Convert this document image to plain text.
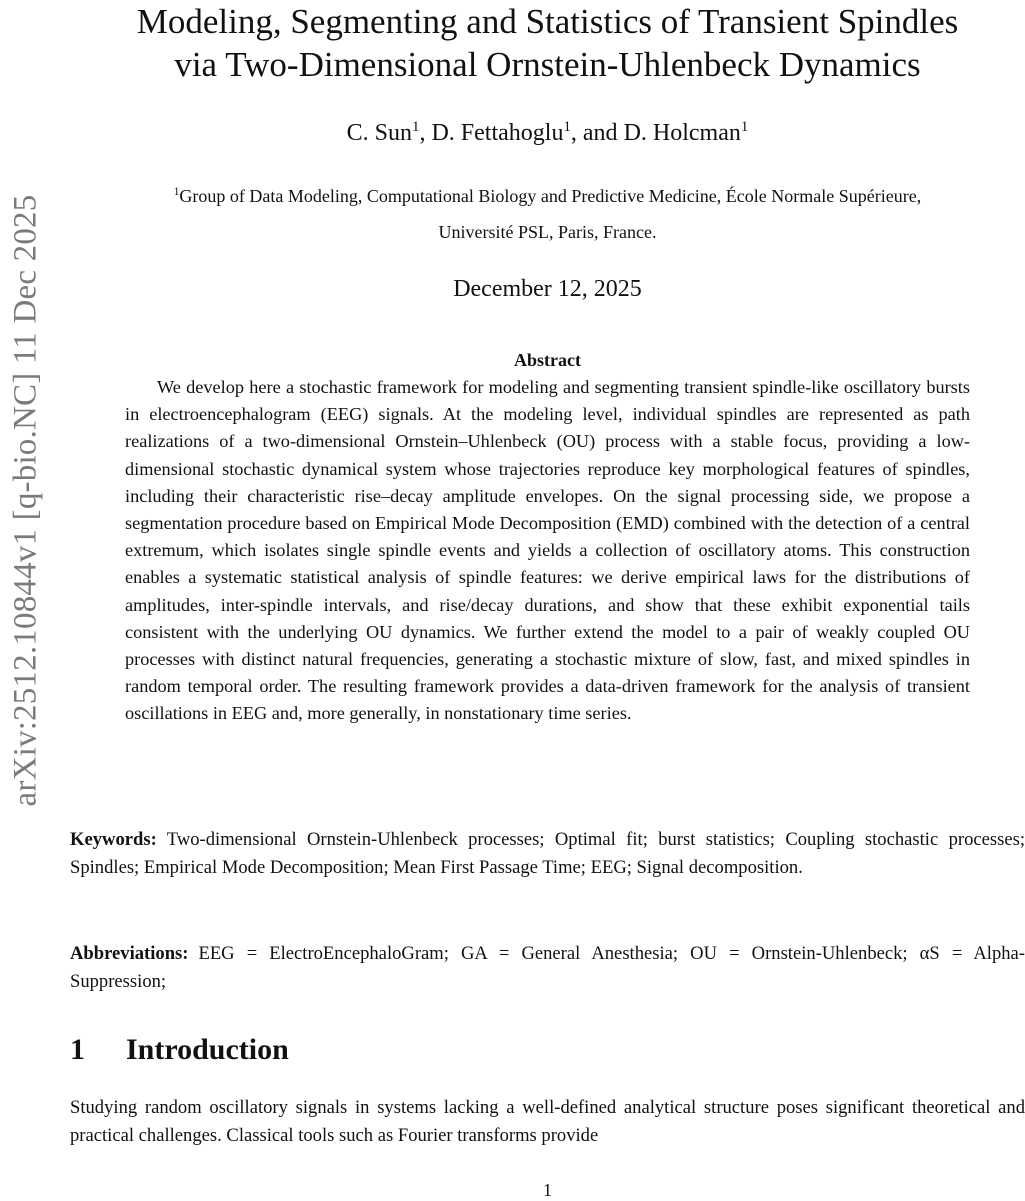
arXiv:2512.10844v1 [q-bio.NC] 11 Dec 2025
Modeling, Segmenting and Statistics of Transient Spindles
via Two-Dimensional Ornstein-Uhlenbeck Dynamics
C. Sun$^1$, D. Fettahoglu$^1$, and D. Holcman$^1$
$^1$Group of Data Modeling, Computational Biology and Predictive Medicine, École Normale Supérieure,
Université PSL, Paris, France.
December 12, 2025
Abstract
We develop here a stochastic framework for modeling and segmenting transient spindle-like oscillatory bursts in electroencephalogram (EEG) signals. At the modeling level, individual spindles are represented as path realizations of a two-dimensional Ornstein–Uhlenbeck (OU) process with a stable focus, providing a low-dimensional stochastic dynamical system whose trajectories reproduce key morphological features of spindles, including their characteristic rise–decay amplitude envelopes. On the signal processing side, we propose a segmentation procedure based on Empirical Mode Decomposition (EMD) combined with the detection of a central extremum, which isolates single spindle events and yields a collection of oscillatory atoms. This construction enables a systematic statistical analysis of spindle features: we derive empirical laws for the distributions of amplitudes, inter-spindle intervals, and rise/decay durations, and show that these exhibit exponential tails consistent with the underlying OU dynamics. We further extend the model to a pair of weakly coupled OU processes with distinct natural frequencies, generating a stochastic mixture of slow, fast, and mixed spindles in random temporal order. The resulting framework provides a data-driven framework for the analysis of transient oscillations in EEG and, more generally, in nonstationary time series.
Keywords: Two-dimensional Ornstein-Uhlenbeck processes; Optimal fit; burst statistics; Coupling stochastic processes; Spindles; Empirical Mode Decomposition; Mean First Passage Time; EEG; Signal decomposition.
Abbreviations: EEG = ElectroEncephaloGram; GA = General Anesthesia; OU = Ornstein-Uhlenbeck; αS = Alpha-Suppression;
1 Introduction
Studying random oscillatory signals in systems lacking a well-defined analytical structure poses significant theoretical and practical challenges. Classical tools such as Fourier transforms provide
1
